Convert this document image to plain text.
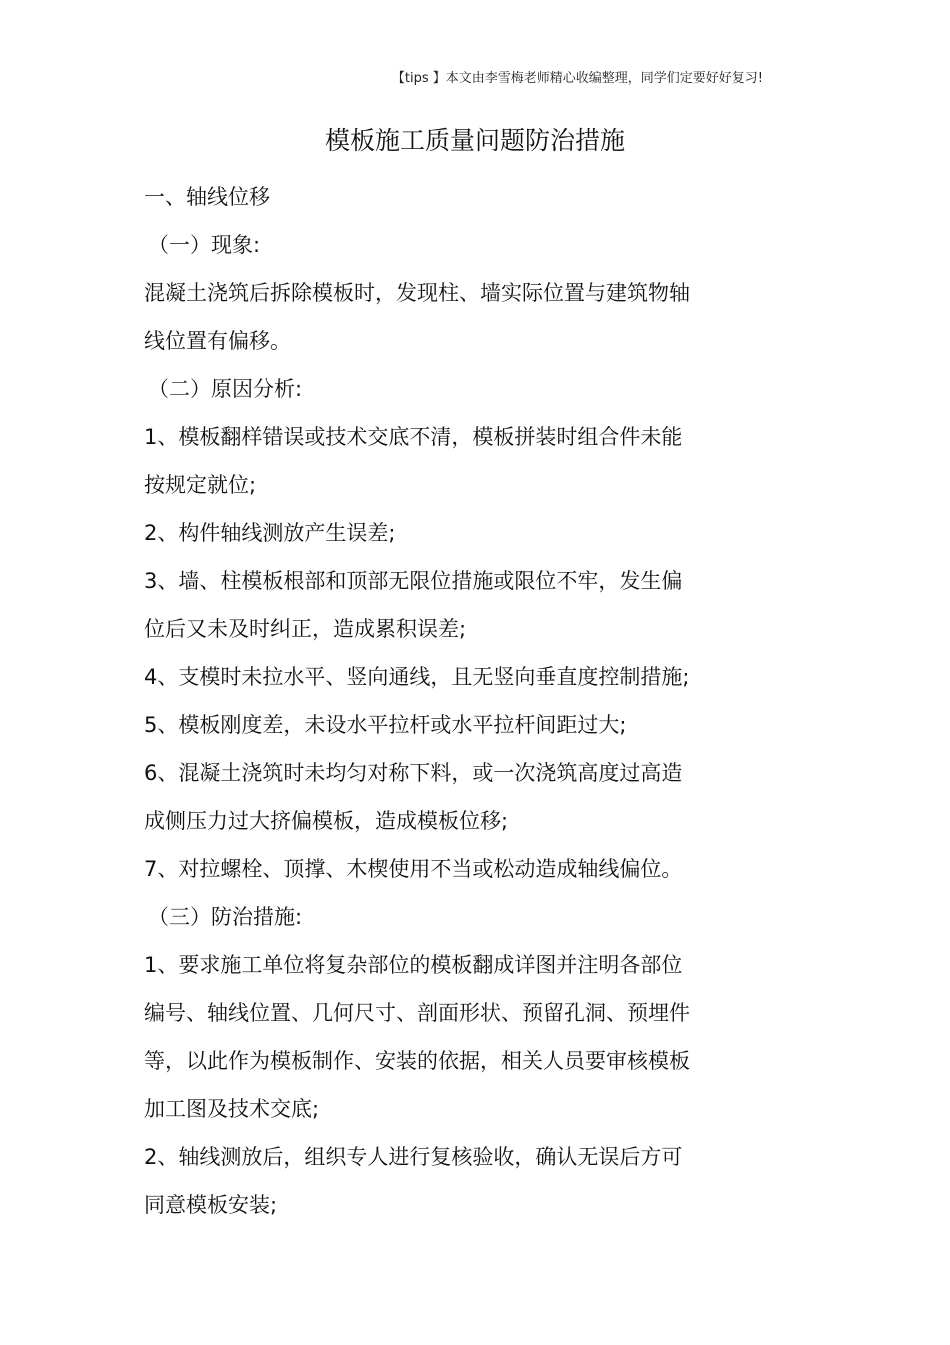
【tips 】本文由李雪梅老师精心收编整理，同学们定要好好复习!
模板施工质量问题防治措施
一、轴线位移
（一）现象:
混凝土浇筑后拆除模板时，发现柱、墙实际位置与建筑物轴
线位置有偏移。
（二）原因分析:
1、模板翻样错误或技术交底不清，模板拼装时组合件未能
按规定就位;
2、构件轴线测放产生误差;
3、墙、柱模板根部和顶部无限位措施或限位不牢，发生偏
位后又未及时纠正，造成累积误差;
4、支模时未拉水平、竖向通线，且无竖向垂直度控制措施;
5、模板刚度差，未设水平拉杆或水平拉杆间距过大;
6、混凝土浇筑时未均匀对称下料，或一次浇筑高度过高造
成侧压力过大挤偏模板，造成模板位移;
7、对拉螺栓、顶撑、木楔使用不当或松动造成轴线偏位。
（三）防治措施:
1、要求施工单位将复杂部位的模板翻成详图并注明各部位
编号、轴线位置、几何尺寸、剖面形状、预留孔洞、预埋件
等，以此作为模板制作、安装的依据，相关人员要审核模板
加工图及技术交底;
2、轴线测放后，组织专人进行复核验收，确认无误后方可
同意模板安装;
